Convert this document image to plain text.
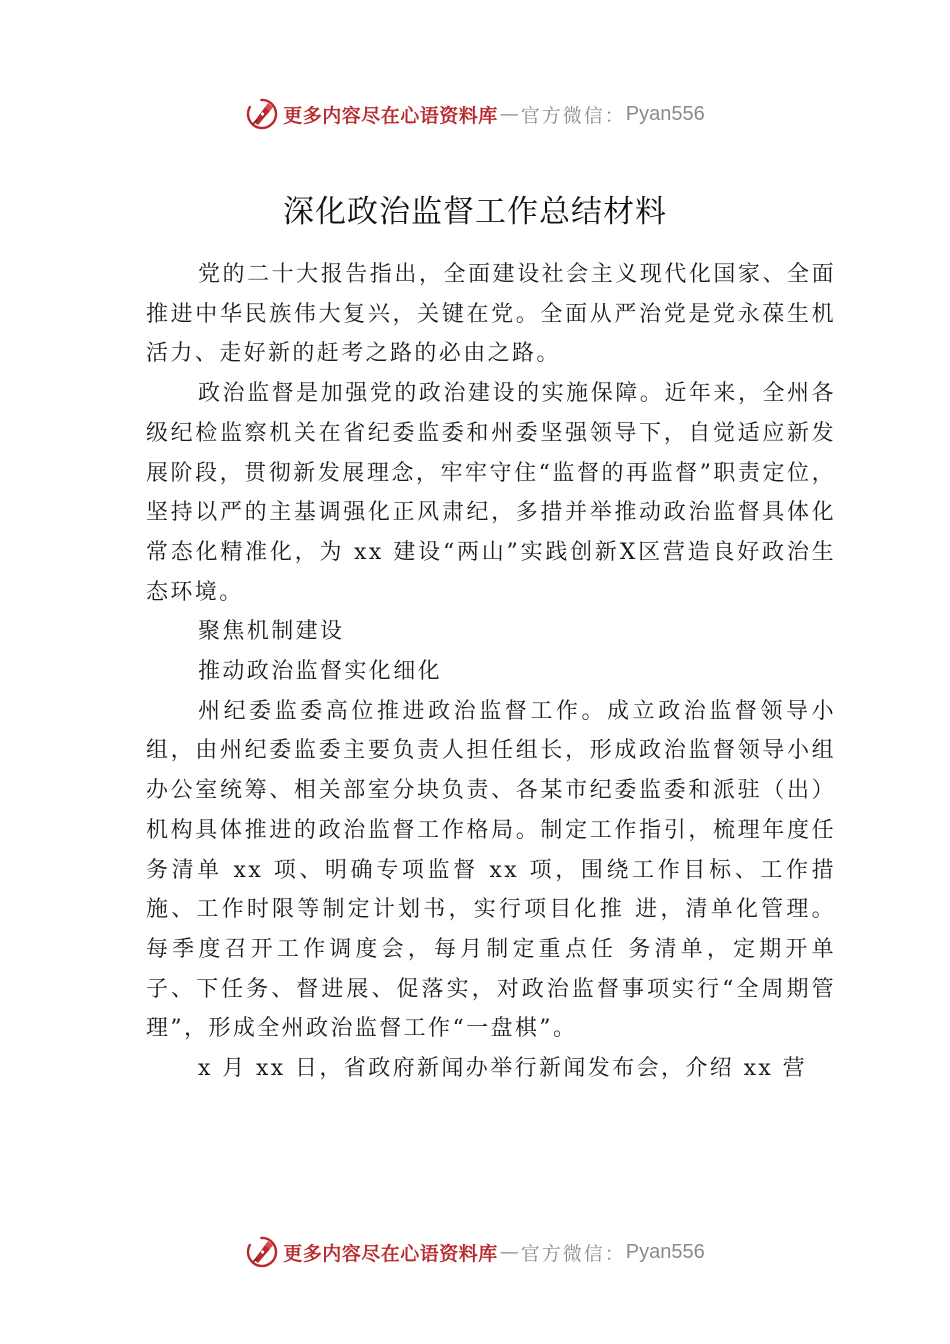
更多内容尽在心语资料库 — 官方微信： Pyan556
深化政治监督工作总结材料

党的二十大报告指出，全面建设社会主义现代化国家、全面推进中华民族伟大复兴，关键在党。全面从严治党是党永葆生机活力、走好新的赶考之路的必由之路。

政治监督是加强党的政治建设的实施保障。近年来，全州各级纪检监察机关在省纪委监委和州委坚强领导下，自觉适应新发展阶段，贯彻新发展理念，牢牢守住“监督的再监督”职责定位，坚持以严的主基调强化正风肃纪，多措并举推动政治监督具体化常态化精准化，为 xx 建设“两山”实践创新X区营造良好政治生态环境。

聚焦机制建设

推动政治监督实化细化

州纪委监委高位推进政治监督工作。成立政治监督领导小组，由州纪委监委主要负责人担任组长，形成政治监督领导小组办公室统筹、相关部室分块负责、各某市纪委监委和派驻（出）机构具体推进的政治监督工作格局。制定工作指引，梳理年度任务清单 xx 项、明确专项监督 xx 项，围绕工作目标、工作措施、工作时限等制定计划书，实行项目化推 进，清单化管理。每季度召开工作调度会，每月制定重点任 务清单，定期开单子、下任务、督进展、促落实，对政治监督事项实行“全周期管理”，形成全州政治监督工作“一盘棋”。

x 月 xx 日，省政府新闻办举行新闻发布会，介绍 xx 营

更多内容尽在心语资料库 — 官方微信： Pyan556
